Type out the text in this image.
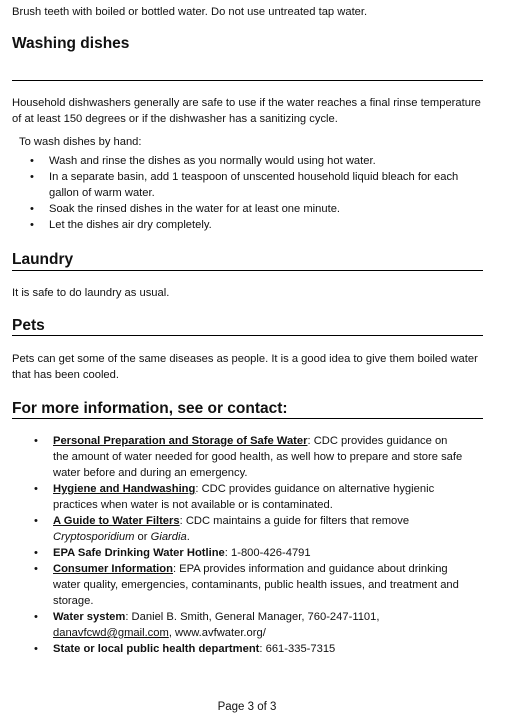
Brush teeth with boiled or bottled water. Do not use untreated tap water.

Washing dishes

Household dishwashers generally are safe to use if the water reaches a final rinse temperature of at least 150 degrees or if the dishwasher has a sanitizing cycle.

To wash dishes by hand:

• Wash and rinse the dishes as you normally would using hot water.
• In a separate basin, add 1 teaspoon of unscented household liquid bleach for each gallon of warm water.
• Soak the rinsed dishes in the water for at least one minute.
• Let the dishes air dry completely.
Laundry

It is safe to do laundry as usual.

Pets

Pets can get some of the same diseases as people. It is a good idea to give them boiled water that has been cooled.

For more information, see or contact:
• Personal Preparation and Storage of Safe Water: CDC provides guidance on the amount of water needed for good health, as well how to prepare and store safe water before and during an emergency.
• Hygiene and Handwashing: CDC provides guidance on alternative hygienic practices when water is not available or is contaminated.
• A Guide to Water Filters: CDC maintains a guide for filters that remove Cryptosporidium or Giardia.
• EPA Safe Drinking Water Hotline: 1-800-426-4791
• Consumer Information: EPA provides information and guidance about drinking water quality, emergencies, contaminants, public health issues, and treatment and storage.
• Water system: Daniel B. Smith, General Manager, 760-247-1101,
danavfcwd@gmail.com, www.avfwater.org/
• State or local public health department: 661-335-7315
Page 3 of 3
